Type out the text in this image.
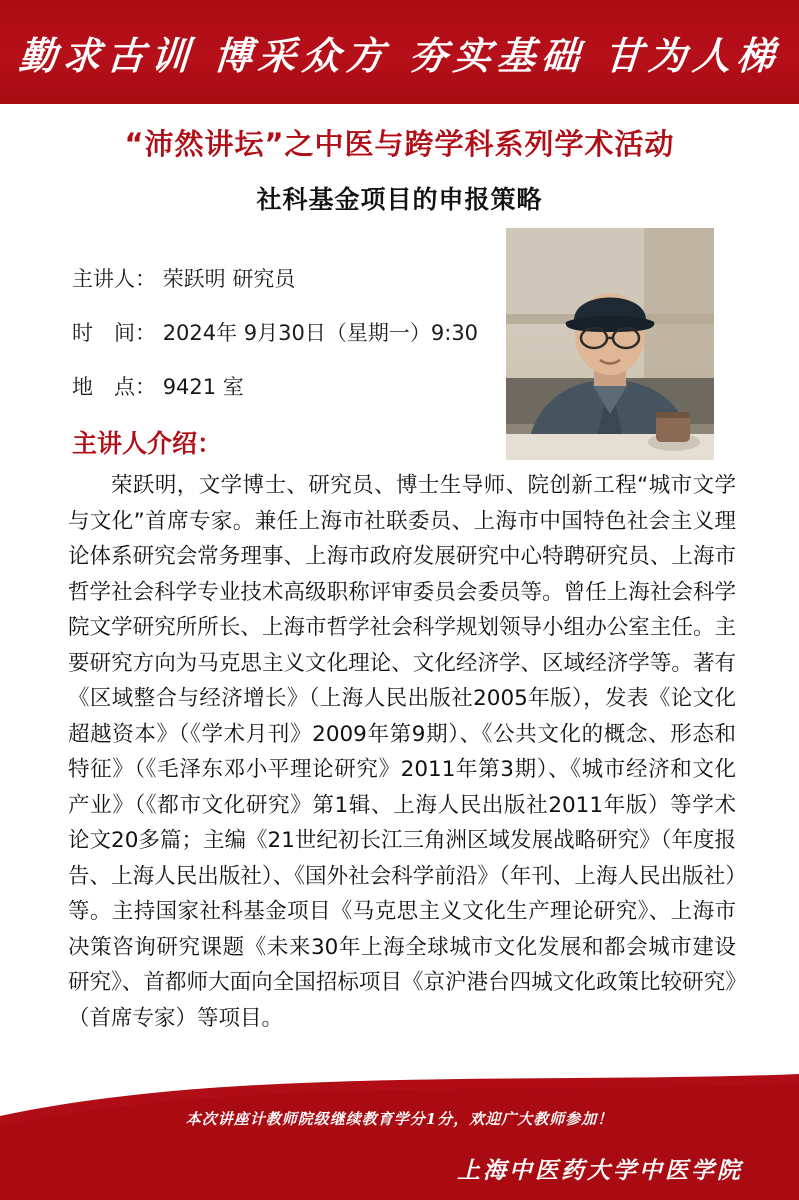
勤求古训 博采众方 夯实基础 甘为人梯
“沛然讲坛”之中医与跨学科系列学术活动
社科基金项目的申报策略
主讲人： 荣跃明 研究员
时　间： 2024年 9月30日（星期一）9:30
地　点： 9421 室
主讲人介绍：
荣跃明，文学博士、研究员、博士生导师、院创新工程“城市文学与文化”首席专家。兼任上海市社联委员、上海市中国特色社会主义理论体系研究会常务理事、上海市政府发展研究中心特聘研究员、上海市哲学社会科学专业技术高级职称评审委员会委员等。曾任上海社会科学院文学研究所所长、上海市哲学社会科学规划领导小组办公室主任。主要研究方向为马克思主义文化理论、文化经济学、区域经济学等。著有《区域整合与经济增长》（上海人民出版社2005年版），发表《论文化超越资本》（《学术月刊》2009年第9期）、《公共文化的概念、形态和特征》（《毛泽东邓小平理论研究》2011年第3期）、《城市经济和文化产业》（《都市文化研究》第1辑、上海人民出版社2011年版）等学术论文20多篇；主编《21世纪初长江三角洲区域发展战略研究》（年度报告、上海人民出版社）、《国外社会科学前沿》（年刊、上海人民出版社）等。主持国家社科基金项目《马克思主义文化生产理论研究》、上海市决策咨询研究课题《未来30年上海全球城市文化发展和都会城市建设研究》、首都师大面向全国招标项目《京沪港台四城文化政策比较研究》（首席专家）等项目。
本次讲座计教师院级继续教育学分1分，欢迎广大教师参加！
上海中医药大学中医学院
